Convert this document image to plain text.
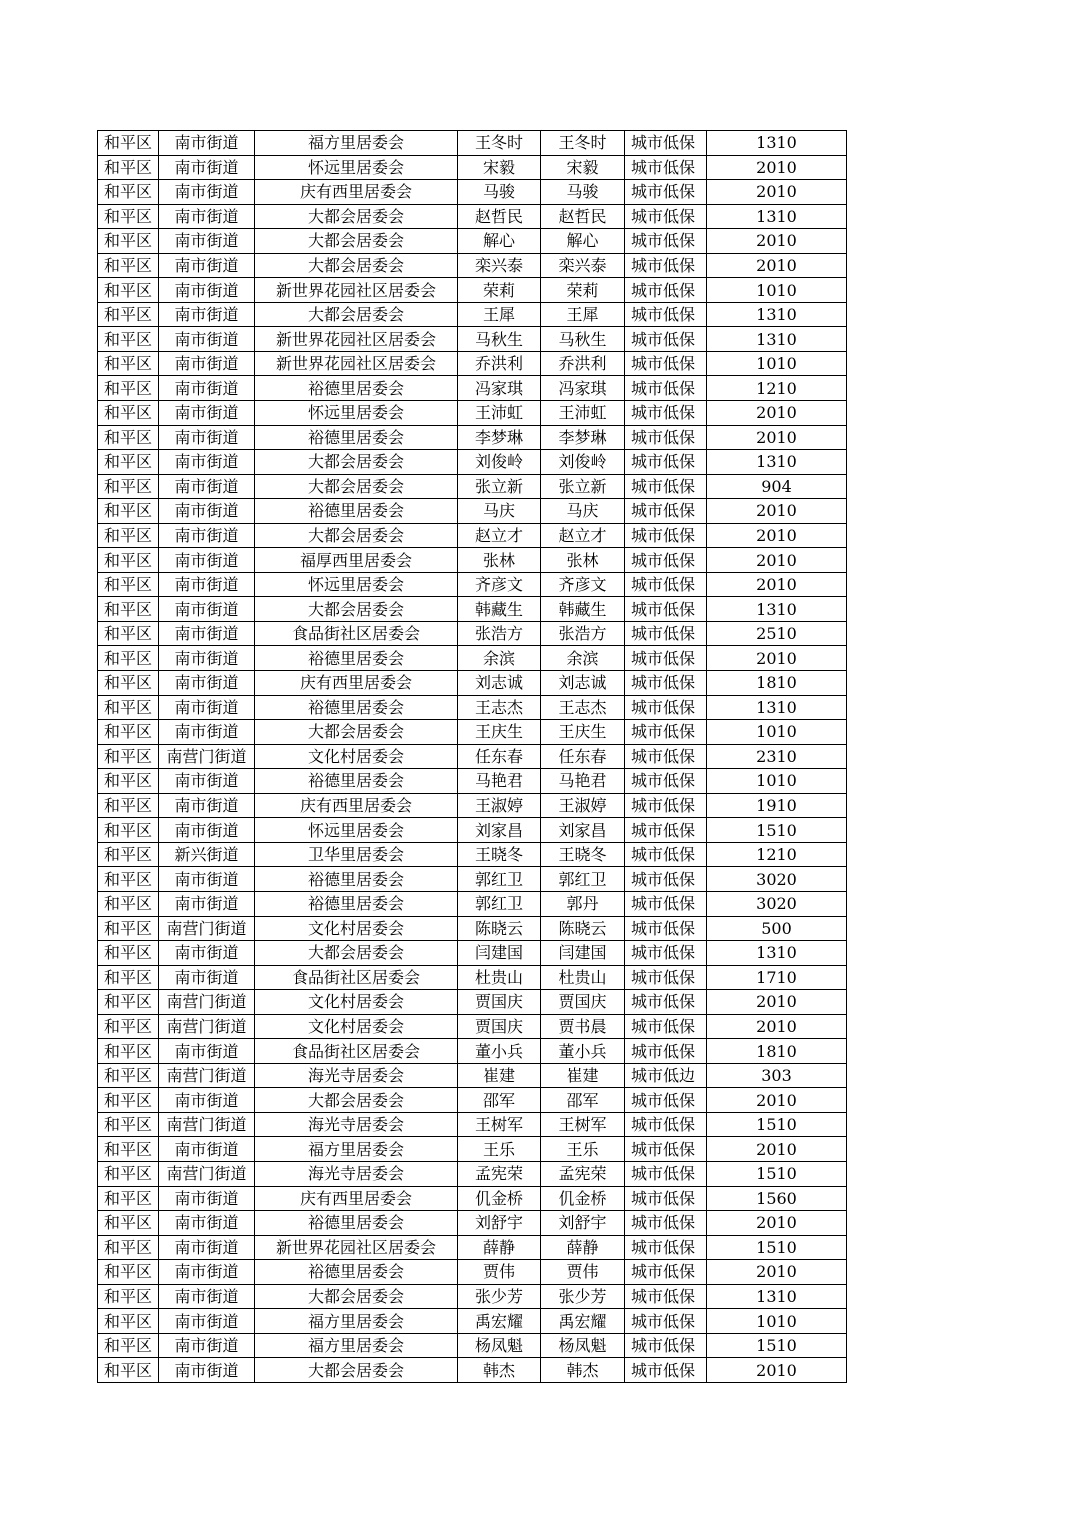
和平区	南市街道	福方里居委会	王冬时	王冬时	城市低保	1310
和平区	南市街道	怀远里居委会	宋毅	宋毅	城市低保	2010
和平区	南市街道	庆有西里居委会	马骏	马骏	城市低保	2010
和平区	南市街道	大都会居委会	赵哲民	赵哲民	城市低保	1310
和平区	南市街道	大都会居委会	解心	解心	城市低保	2010
和平区	南市街道	大都会居委会	栾兴泰	栾兴泰	城市低保	2010
和平区	南市街道	新世界花园社区居委会	荣莉	荣莉	城市低保	1010
和平区	南市街道	大都会居委会	王犀	王犀	城市低保	1310
和平区	南市街道	新世界花园社区居委会	马秋生	马秋生	城市低保	1310
和平区	南市街道	新世界花园社区居委会	乔洪利	乔洪利	城市低保	1010
和平区	南市街道	裕德里居委会	冯家琪	冯家琪	城市低保	1210
和平区	南市街道	怀远里居委会	王沛虹	王沛虹	城市低保	2010
和平区	南市街道	裕德里居委会	李梦琳	李梦琳	城市低保	2010
和平区	南市街道	大都会居委会	刘俊岭	刘俊岭	城市低保	1310
和平区	南市街道	大都会居委会	张立新	张立新	城市低保	904
和平区	南市街道	裕德里居委会	马庆	马庆	城市低保	2010
和平区	南市街道	大都会居委会	赵立才	赵立才	城市低保	2010
和平区	南市街道	福厚西里居委会	张林	张林	城市低保	2010
和平区	南市街道	怀远里居委会	齐彦文	齐彦文	城市低保	2010
和平区	南市街道	大都会居委会	韩藏生	韩藏生	城市低保	1310
和平区	南市街道	食品街社区居委会	张浩方	张浩方	城市低保	2510
和平区	南市街道	裕德里居委会	余滨	余滨	城市低保	2010
和平区	南市街道	庆有西里居委会	刘志诚	刘志诚	城市低保	1810
和平区	南市街道	裕德里居委会	王志杰	王志杰	城市低保	1310
和平区	南市街道	大都会居委会	王庆生	王庆生	城市低保	1010
和平区	南营门街道	文化村居委会	任东春	任东春	城市低保	2310
和平区	南市街道	裕德里居委会	马艳君	马艳君	城市低保	1010
和平区	南市街道	庆有西里居委会	王淑婷	王淑婷	城市低保	1910
和平区	南市街道	怀远里居委会	刘家昌	刘家昌	城市低保	1510
和平区	新兴街道	卫华里居委会	王晓冬	王晓冬	城市低保	1210
和平区	南市街道	裕德里居委会	郭红卫	郭红卫	城市低保	3020
和平区	南市街道	裕德里居委会	郭红卫	郭丹	城市低保	3020
和平区	南营门街道	文化村居委会	陈晓云	陈晓云	城市低保	500
和平区	南市街道	大都会居委会	闫建国	闫建国	城市低保	1310
和平区	南市街道	食品街社区居委会	杜贵山	杜贵山	城市低保	1710
和平区	南营门街道	文化村居委会	贾国庆	贾国庆	城市低保	2010
和平区	南营门街道	文化村居委会	贾国庆	贾书晨	城市低保	2010
和平区	南市街道	食品街社区居委会	董小兵	董小兵	城市低保	1810
和平区	南营门街道	海光寺居委会	崔建	崔建	城市低边	303
和平区	南市街道	大都会居委会	邵军	邵军	城市低保	2010
和平区	南营门街道	海光寺居委会	王树军	王树军	城市低保	1510
和平区	南市街道	福方里居委会	王乐	王乐	城市低保	2010
和平区	南营门街道	海光寺居委会	孟宪荣	孟宪荣	城市低保	1510
和平区	南市街道	庆有西里居委会	仉金桥	仉金桥	城市低保	1560
和平区	南市街道	裕德里居委会	刘舒宇	刘舒宇	城市低保	2010
和平区	南市街道	新世界花园社区居委会	薛静	薛静	城市低保	1510
和平区	南市街道	裕德里居委会	贾伟	贾伟	城市低保	2010
和平区	南市街道	大都会居委会	张少芳	张少芳	城市低保	1310
和平区	南市街道	福方里居委会	禹宏耀	禹宏耀	城市低保	1010
和平区	南市街道	福方里居委会	杨凤魁	杨凤魁	城市低保	1510
和平区	南市街道	大都会居委会	韩杰	韩杰	城市低保	2010
